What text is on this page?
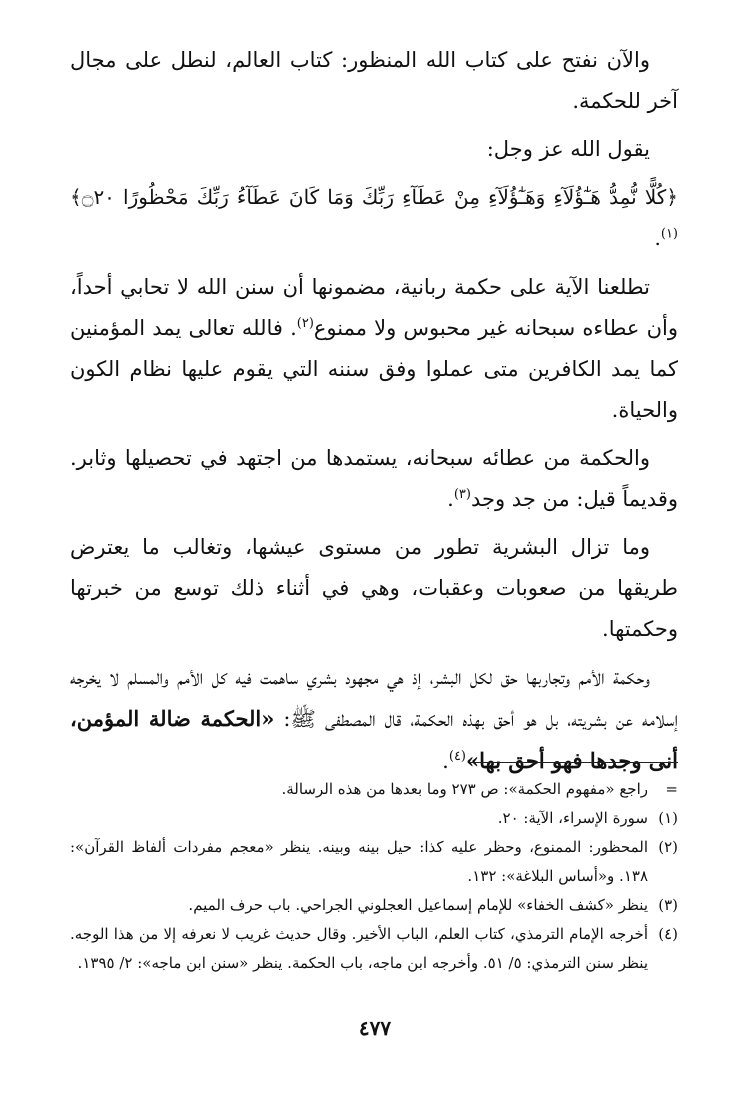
والآن نفتح على كتاب الله المنظور: كتاب العالم، لنطل على مجال آخر للحكمة.

يقول الله عز وجل:

﴿كُلًّا نُّمِدُّ هَـٰٓؤُلَآءِ وَهَـٰٓؤُلَآءِ مِنْ عَطَآءِ رَبِّكَ وَمَا كَانَ عَطَآءُ رَبِّكَ مَحْظُورًا ۝٢٠﴾$^{(١)}$.

تطلعنا الآية على حكمة ربانية، مضمونها أن سنن الله لا تحابي أحداً، وأن عطاءه سبحانه غير محبوس ولا ممنوع$^{(٢)}$. فالله تعالى يمد المؤمنين كما يمد الكافرين متى عملوا وفق سننه التي يقوم عليها نظام الكون والحياة.

والحكمة من عطائه سبحانه، يستمدها من اجتهد في تحصيلها وثابر. وقديماً قيل: من جد وجد$^{(٣)}$.

وما تزال البشرية تطور من مستوى عيشها، وتغالب ما يعترض طريقها من صعوبات وعقبات، وهي في أثناء ذلك توسع من خبرتها وحكمتها.

وحكمة الأمم وتجاربها حق لكل البشر، إذ هي مجهود بشري ساهمت فيه كل الأمم والمسلم لا يخرجه إسلامه عن بشريته، بل هو أحق بهذه الحكمة، قال المصطفى ﷺ: «الحكمة ضالة المؤمن، أنى وجدها فهو أحق بها»$^{(٤)}$.

=
راجع «مفهوم الحكمة»: ص ٢٧٣ وما بعدها من هذه الرسالة.
(١)
سورة الإسراء، الآية: ٢٠.
(٢)
المحظور: الممنوع، وحظر عليه كذا: حيل بينه وبينه. ينظر «معجم مفردات ألفاظ القرآن»: ١٣٨. و«أساس البلاغة»: ١٣٢.
(٣)
ينظر «كشف الخفاء» للإمام إسماعيل العجلوني الجراحي. باب حرف الميم.
(٤)
أخرجه الإمام الترمذي، كتاب العلم، الباب الأخير. وقال حديث غريب لا نعرفه إلا من هذا الوجه. ينظر سنن الترمذي: ٥/ ٥١. وأخرجه ابن ماجه، باب الحكمة. ينظر «سنن ابن ماجه»: ٢/ ١٣٩٥.
٤٧٧
